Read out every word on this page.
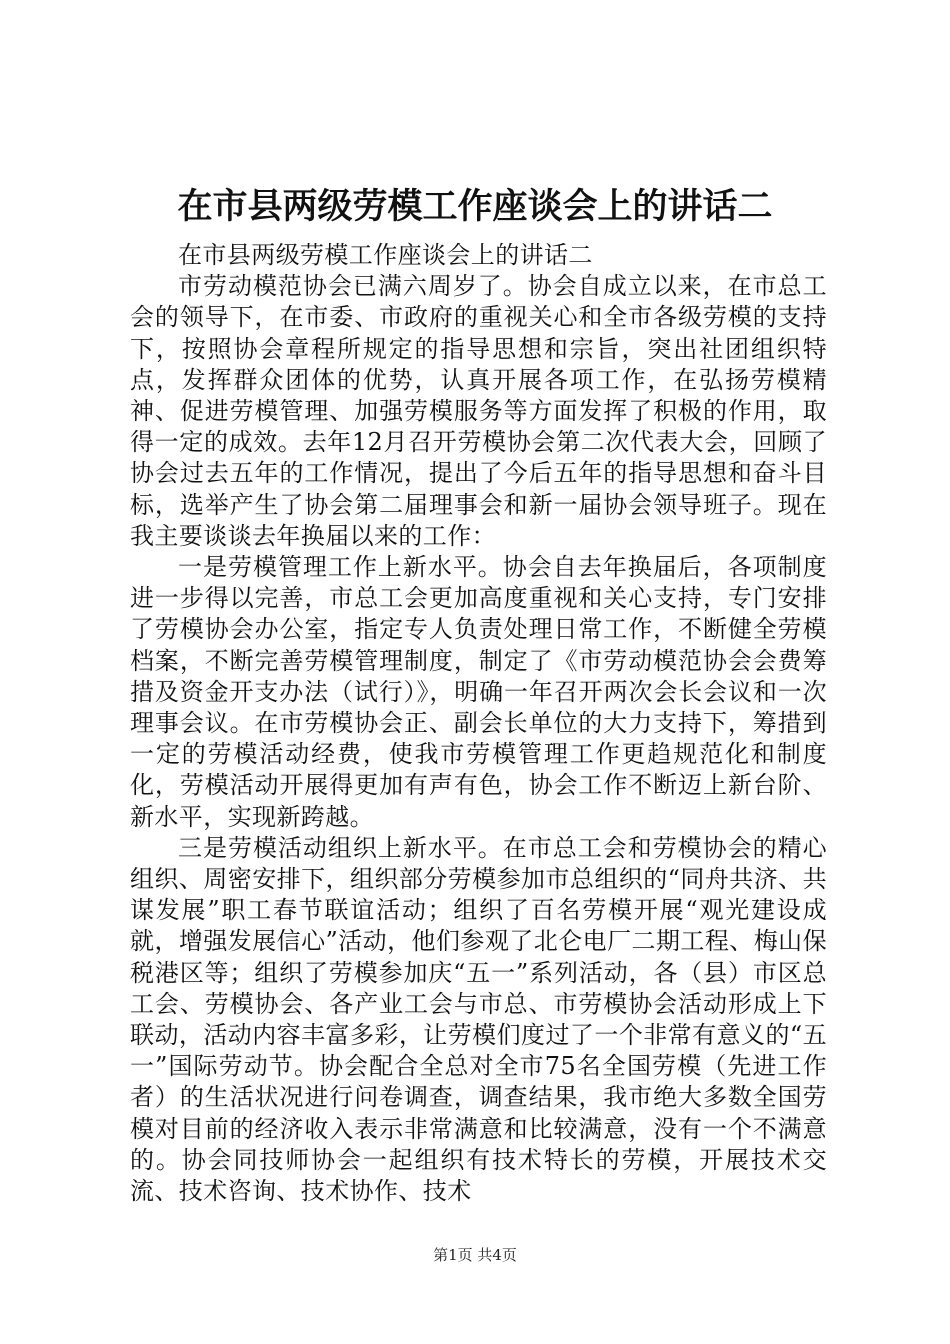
在市县两级劳模工作座谈会上的讲话二

在市县两级劳模工作座谈会上的讲话二

市劳动模范协会已满六周岁了。协会自成立以来，在市总工会的领导下，在市委、市政府的重视关心和全市各级劳模的支持下，按照协会章程所规定的指导思想和宗旨，突出社团组织特点，发挥群众团体的优势，认真开展各项工作，在弘扬劳模精神、促进劳模管理、加强劳模服务等方面发挥了积极的作用，取得一定的成效。去年12月召开劳模协会第二次代表大会，回顾了协会过去五年的工作情况，提出了今后五年的指导思想和奋斗目标，选举产生了协会第二届理事会和新一届协会领导班子。现在我主要谈谈去年换届以来的工作：

一是劳模管理工作上新水平。协会自去年换届后，各项制度进一步得以完善，市总工会更加高度重视和关心支持，专门安排了劳模协会办公室，指定专人负责处理日常工作，不断健全劳模档案，不断完善劳模管理制度，制定了《市劳动模范协会会费筹措及资金开支办法（试行）》，明确一年召开两次会长会议和一次理事会议。在市劳模协会正、副会长单位的大力支持下，筹措到一定的劳模活动经费，使我市劳模管理工作更趋规范化和制度化，劳模活动开展得更加有声有色，协会工作不断迈上新台阶、新水平，实现新跨越。

三是劳模活动组织上新水平。在市总工会和劳模协会的精心组织、周密安排下，组织部分劳模参加市总组织的“同舟共济、共谋发展”职工春节联谊活动；组织了百名劳模开展“观光建设成就，增强发展信心”活动，他们参观了北仑电厂二期工程、梅山保税港区等；组织了劳模参加庆“五一”系列活动，各（县）市区总工会、劳模协会、各产业工会与市总、市劳模协会活动形成上下联动，活动内容丰富多彩，让劳模们度过了一个非常有意义的“五一”国际劳动节。协会配合全总对全市75名全国劳模（先进工作者）的生活状况进行问卷调查，调查结果，我市绝大多数全国劳模对目前的经济收入表示非常满意和比较满意，没有一个不满意的。协会同技师协会一起组织有技术特长的劳模，开展技术交流、技术咨询、技术协作、技术

第1页 共4页
